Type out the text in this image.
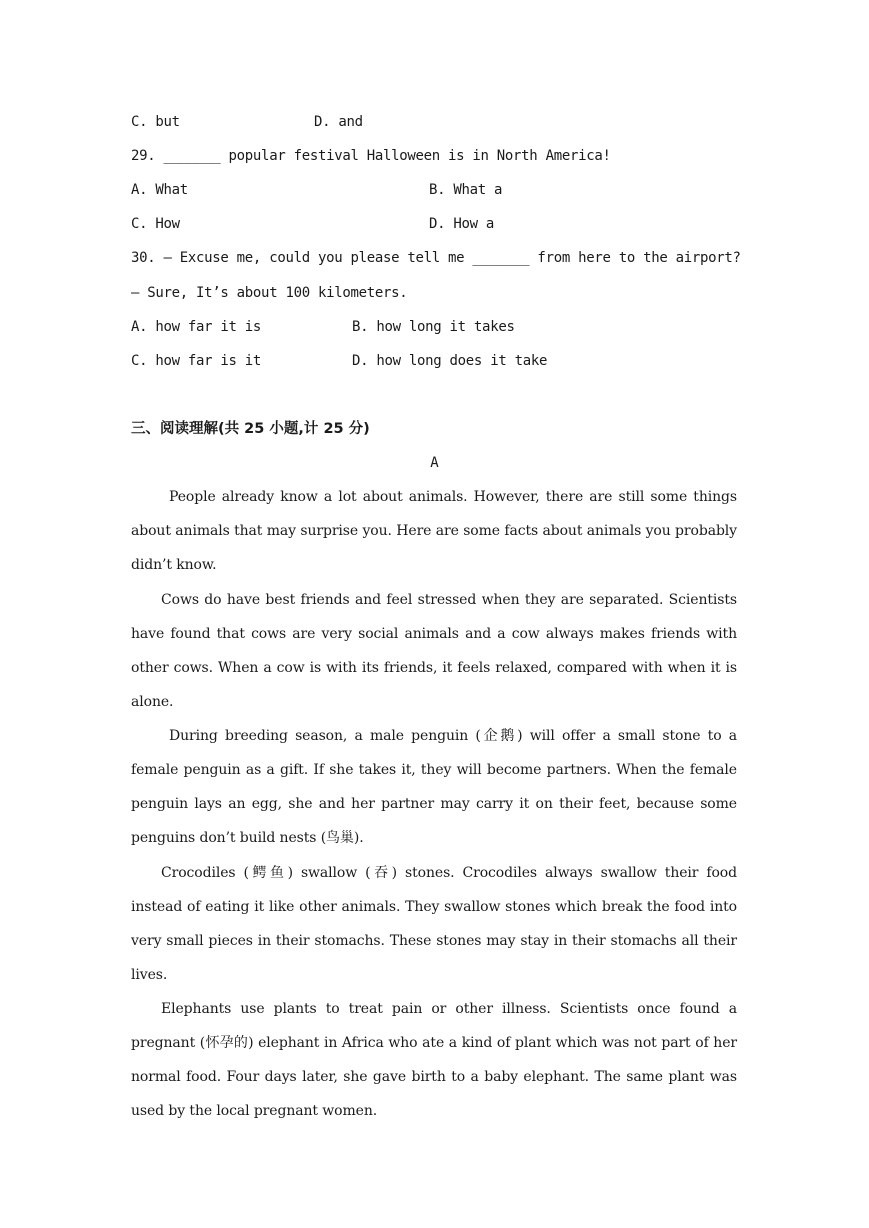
C. but	D. and
29. _______ popular festival Halloween is in North America!
A. What	B. What a
C. How	D. How a
30. — Excuse me, could you please tell me _______ from here to the airport?
— Sure, It’s about 100 kilometers.
A. how far it is	B. how long it takes
C. how far is it	D. how long does it take
三、阅读理解(共 25 小题,计 25 分)
A
People already know a lot about animals. However, there are still some things about animals that may surprise you. Here are some facts about animals you probably didn’t know.
Cows do have best friends and feel stressed when they are separated. Scientists have found that cows are very social animals and a cow always makes friends with other cows. When a cow is with its friends, it feels relaxed, compared with when it is alone.
During breeding season, a male penguin (企鹅) will offer a small stone to a female penguin as a gift. If she takes it, they will become partners. When the female penguin lays an egg, she and her partner may carry it on their feet, because some penguins don’t build nests (鸟巢).
Crocodiles (鳄鱼) swallow (吞) stones. Crocodiles always swallow their food instead of eating it like other animals. They swallow stones which break the food into very small pieces in their stomachs. These stones may stay in their stomachs all their lives.
Elephants use plants to treat pain or other illness. Scientists once found a pregnant (怀孕的) elephant in Africa who ate a kind of plant which was not part of her normal food. Four days later, she gave birth to a baby elephant. The same plant was used by the local pregnant women.
